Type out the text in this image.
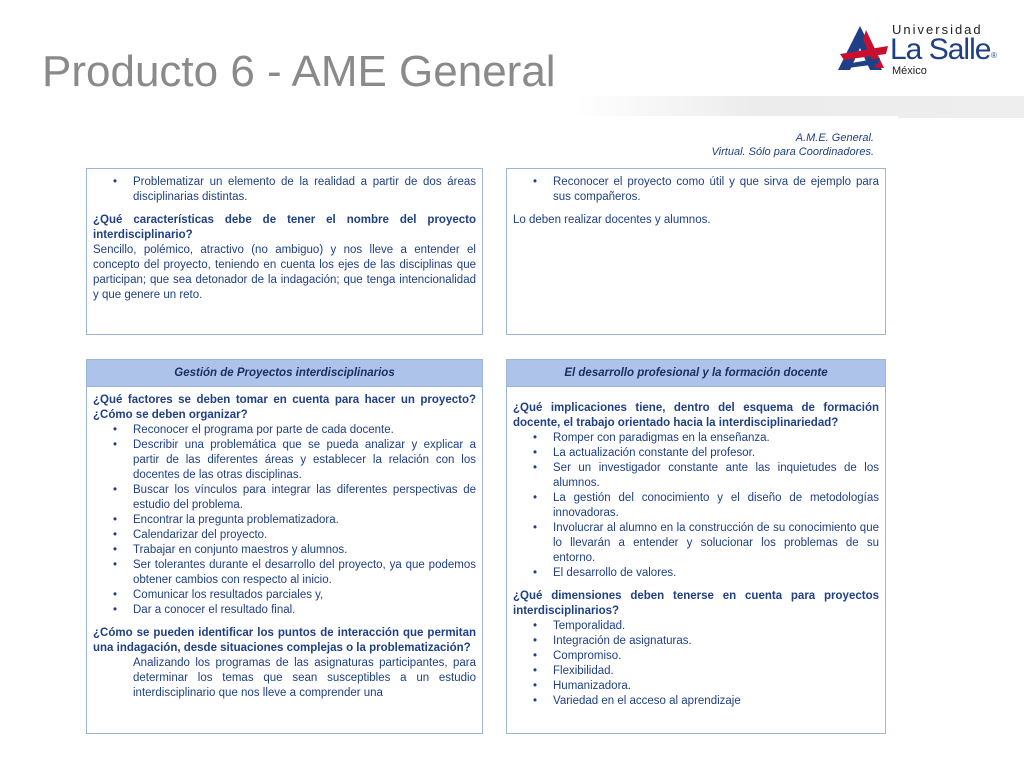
Producto 6 - AME General
Universidad
La Salle ®
México
A.M.E. General.
Virtual. Sólo para Coordinadores.
• Problematizar un elemento de la realidad a partir de dos áreas disciplinarias distintas.

¿Qué características debe de tener el nombre del proyecto interdisciplinario?

Sencillo, polémico, atractivo (no ambiguo) y nos lleve a entender el concepto del proyecto, teniendo en cuenta los ejes de las disciplinas que participan; que sea detonador de la indagación; que tenga intencionalidad y que genere un reto.

• Reconocer el proyecto como útil y que sirva de ejemplo para sus compañeros.

Lo deben realizar docentes y alumnos.

Gestión de Proyectos interdisciplinarios

¿Qué factores se deben tomar en cuenta para hacer un proyecto? ¿Cómo se deben organizar?

• Reconocer el programa por parte de cada docente.
• Describir una problemática que se pueda analizar y explicar a partir de las diferentes áreas y establecer la relación con los docentes de las otras disciplinas.
• Buscar los vínculos para integrar las diferentes perspectivas de estudio del problema.
• Encontrar la pregunta problematizadora.
• Calendarizar del proyecto.
• Trabajar en conjunto maestros y alumnos.
• Ser tolerantes durante el desarrollo del proyecto, ya que podemos obtener cambios con respecto al inicio.
• Comunicar los resultados parciales y,
• Dar a conocer el resultado final.

¿Cómo se pueden identificar los puntos de interacción que permitan una indagación, desde situaciones complejas o la problematización?

Analizando los programas de las asignaturas participantes, para determinar los temas que sean susceptibles a un estudio interdisciplinario que nos lleve a comprender una

El desarrollo profesional y la formación docente

¿Qué implicaciones tiene, dentro del esquema de formación docente, el trabajo orientado hacia la interdisciplinariedad?

• Romper con paradigmas en la enseñanza.
• La actualización constante del profesor.
• Ser un investigador constante ante las inquietudes de los alumnos.
• La gestión del conocimiento y el diseño de metodologías innovadoras.
• Involucrar al alumno en la construcción de su conocimiento que lo llevarán a entender y solucionar los problemas de su entorno.
• El desarrollo de valores.

¿Qué dimensiones deben tenerse en cuenta para proyectos interdisciplinarios?

• Temporalidad.
• Integración de asignaturas.
• Compromiso.
• Flexibilidad.
• Humanizadora.
• Variedad en el acceso al aprendizaje
